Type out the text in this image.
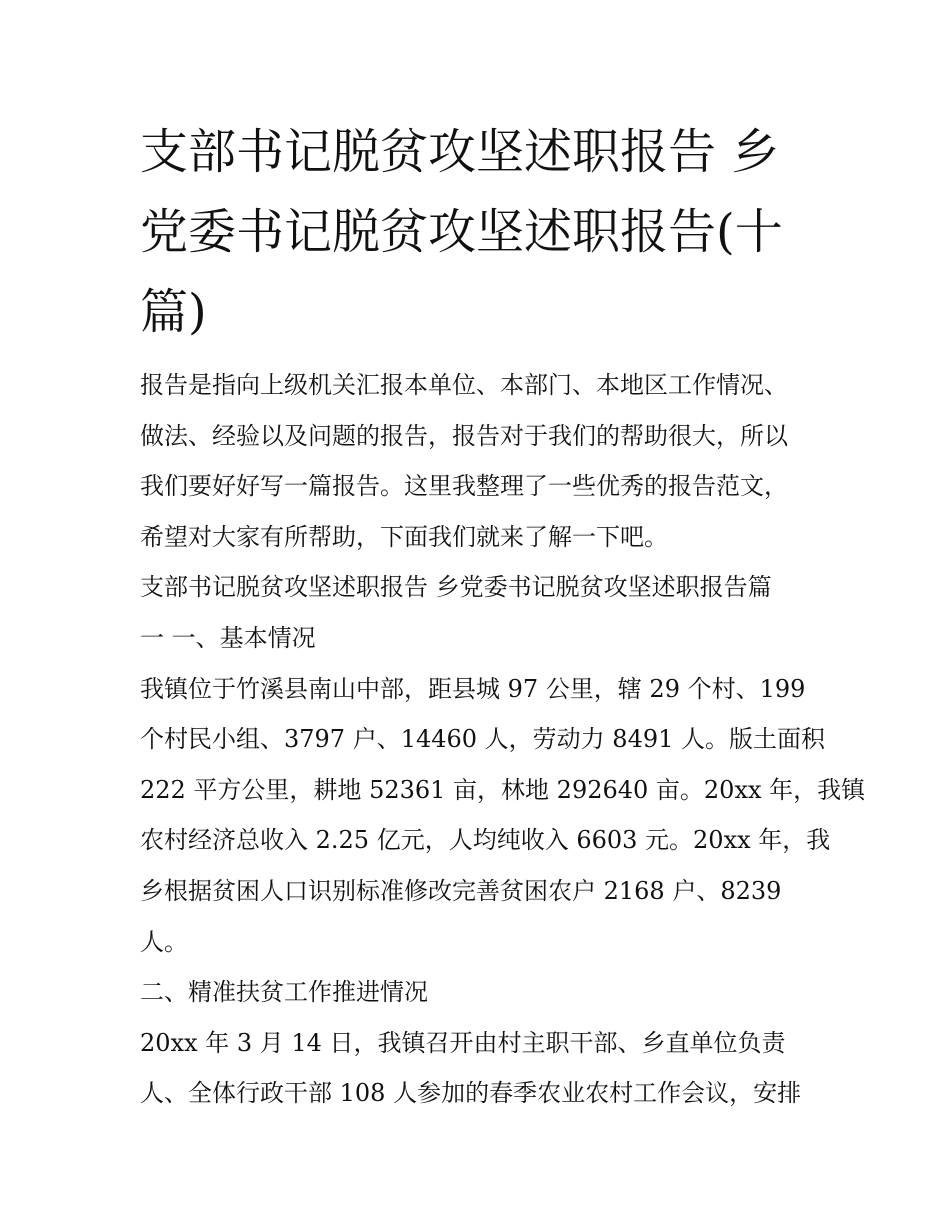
支部书记脱贫攻坚述职报告 乡
党委书记脱贫攻坚述职报告(十
篇)
报告是指向上级机关汇报本单位、本部门、本地区工作情况、
做法、经验以及问题的报告，报告对于我们的帮助很大，所以
我们要好好写一篇报告。这里我整理了一些优秀的报告范文，
希望对大家有所帮助，下面我们就来了解一下吧。
支部书记脱贫攻坚述职报告 乡党委书记脱贫攻坚述职报告篇
一 一、基本情况
我镇位于竹溪县南山中部，距县城 97 公里，辖 29 个村、199
个村民小组、3797 户、14460 人，劳动力 8491 人。版土面积
222 平方公里，耕地 52361 亩，林地 292640 亩。20xx 年，我镇
农村经济总收入 2.25 亿元，人均纯收入 6603 元。20xx 年，我
乡根据贫困人口识别标准修改完善贫困农户 2168 户、8239
人。
二、精准扶贫工作推进情况
20xx 年 3 月 14 日，我镇召开由村主职干部、乡直单位负责
人、全体行政干部 108 人参加的春季农业农村工作会议，安排
